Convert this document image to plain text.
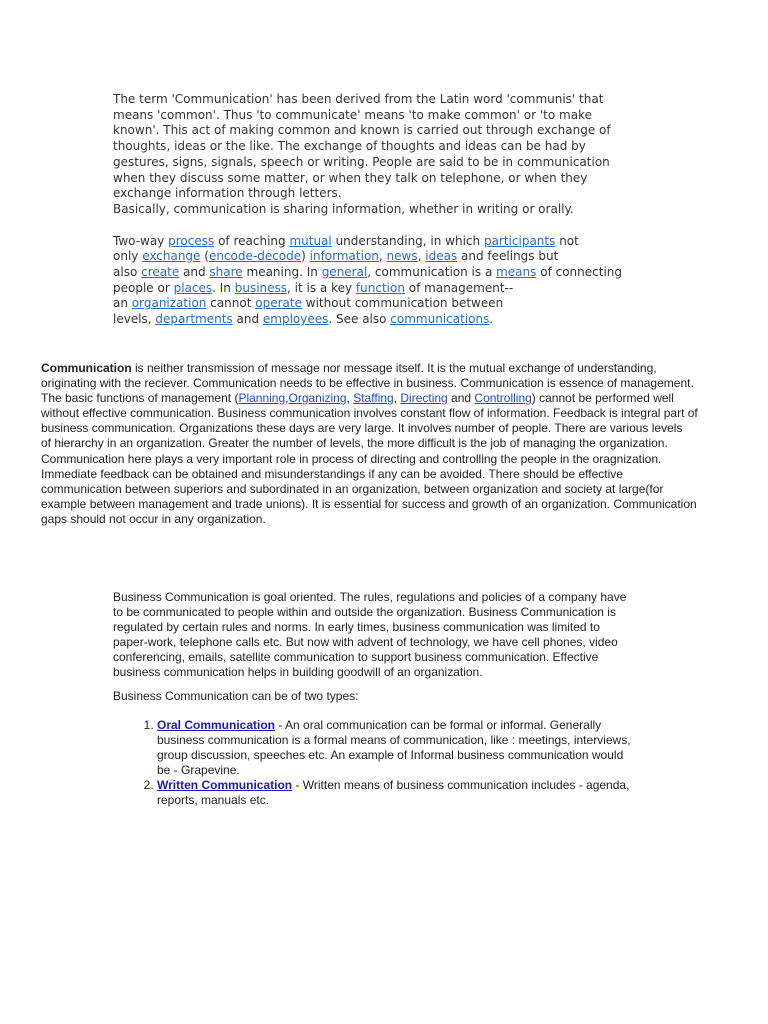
The term 'Communication' has been derived from the Latin word 'communis' that
means 'common'. Thus 'to communicate' means 'to make common' or 'to make
known'. This act of making common and known is carried out through exchange of
thoughts, ideas or the like. The exchange of thoughts and ideas can be had by
gestures, signs, signals, speech or writing. People are said to be in communication
when they discuss some matter, or when they talk on telephone, or when they
exchange information through letters.
Basically, communication is sharing information, whether in writing or orally.

Two-way process of reaching mutual understanding, in which participants not
only exchange (encode-decode) information, news, ideas and feelings but
also create and share meaning. In general, communication is a means of connecting
people or places. In business, it is a key function of management--
an organization cannot operate without communication between
levels, departments and employees. See also communications.

Communication is neither transmission of message nor message itself. It is the mutual exchange of understanding,
originating with the reciever. Communication needs to be effective in business. Communication is essence of management.
The basic functions of management (Planning,Organizing, Staffing, Directing and Controlling) cannot be performed well
without effective communication. Business communication involves constant flow of information. Feedback is integral part of
business communication. Organizations these days are very large. It involves number of people. There are various levels
of hierarchy in an organization. Greater the number of levels, the more difficult is the job of managing the organization.
Communication here plays a very important role in process of directing and controlling the people in the oragnization.
Immediate feedback can be obtained and misunderstandings if any can be avoided. There should be effective
communication between superiors and subordinated in an organization, between organization and society at large(for
example between management and trade unions). It is essential for success and growth of an organization. Communication
gaps should not occur in any organization.

Business Communication is goal oriented. The rules, regulations and policies of a company have
to be communicated to people within and outside the organization. Business Communication is
regulated by certain rules and norms. In early times, business communication was limited to
paper-work, telephone calls etc. But now with advent of technology, we have cell phones, video
conferencing, emails, satellite communication to support business communication. Effective
business communication helps in building goodwill of an organization.

Business Communication can be of two types:

1. Oral Communication - An oral communication can be formal or informal. Generally
business communication is a formal means of communication, like : meetings, interviews,
group discussion, speeches etc. An example of Informal business communication would
be - Grapevine.
2. Written Communication - Written means of business communication includes - agenda,
reports, manuals etc.
